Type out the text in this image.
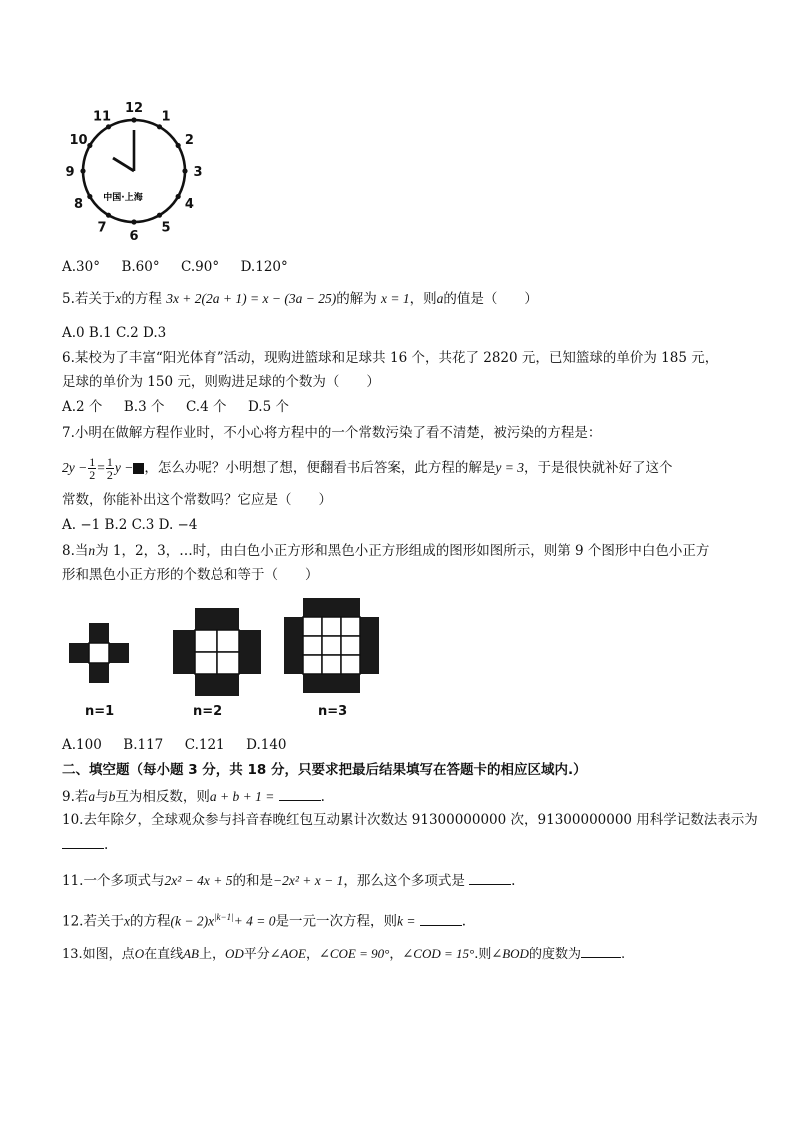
12
1
2
3
4
5
6
7
8
9
10
11
中国·上海
A.30° B.60° C.90° D.120°
5.若关于x的方程 3x + 2(2a + 1) = x − (3a − 25)的解为 x = 1，则a的值是（　　）
A.0 B.1 C.2 D.3
6.某校为了丰富“阳光体育”活动，现购进篮球和足球共 16 个，共花了 2820 元，已知篮球的单价为 185 元，
足球的单价为 150 元，则购进足球的个数为（　　）
A.2 个 B.3 个 C.4 个 D.5 个
7.小明在做解方程作业时，不小心将方程中的一个常数污染了看不清楚，被污染的方程是：
$2y - \frac{1}{2} = \frac{1}{2}$ y − ，怎么办呢？小明想了想，便翻看书后答案，此方程的解是y = 3，于是很快就补好了这个
常数，你能补出这个常数吗？它应是（　　）
A. −1 B.2 C.3 D. −4
8.当n为 1，2，3，…时，由白色小正方形和黑色小正方形组成的图形如图所示，则第 9 个图形中白色小正方
形和黑色小正方形的个数总和等于（　　）
n=1	n=2	n=3
A.100 B.117 C.121 D.140
二、填空题（每小题 3 分，共 18 分，只要求把最后结果填写在答题卡的相应区域内.）
9.若a与b互为相反数，则a + b + 1 =	.
10.去年除夕，全球观众参与抖音春晚红包互动累计次数达 91300000000 次，91300000000 用科学记数法表示为
.
11.一个多项式与2x² − 4x + 5的和是−2x² + x − 1，那么这个多项式是	.
12.若关于x的方程$(k - 2)x^{|k-1|}+ 4 = 0$是一元一次方程，则k =	.
13.如图，点O在直线AB上，OD平分∠AOE，∠COE = 90°，∠COD = 15°.则∠BOD的度数为	.
